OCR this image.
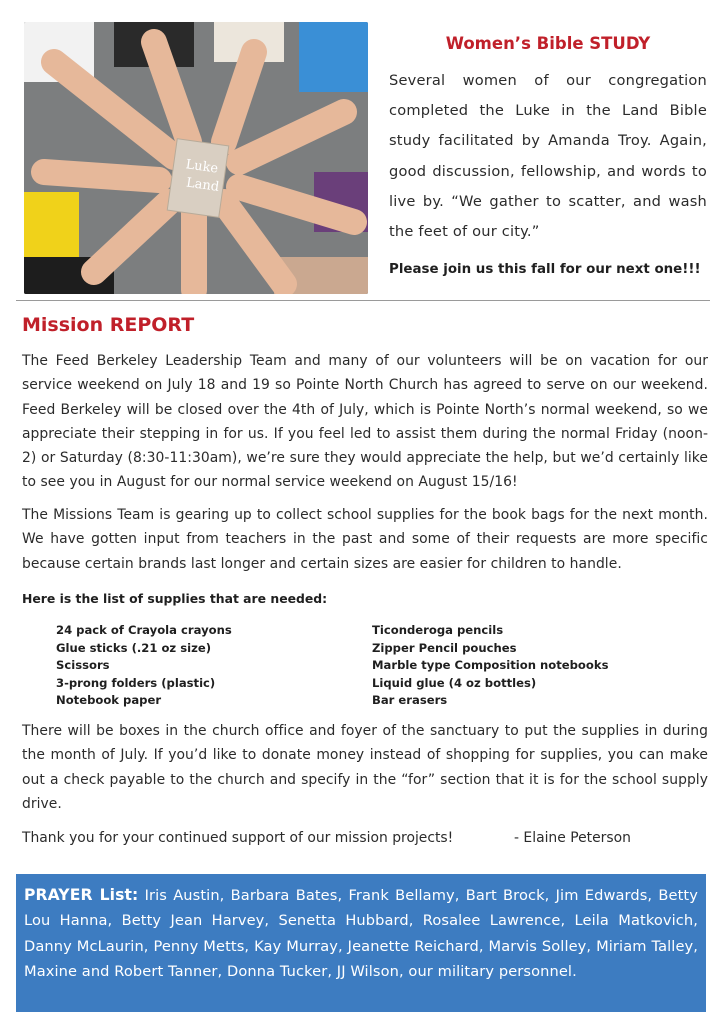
Luke
Land
Women’s Bible STUDY
Several women of our congregation completed the Luke in the Land Bible study facilitated by Amanda Troy. Again, good discussion, fellowship, and words to live by. “We gather to scatter, and wash the feet of our city.”
Please join us this fall for our next one!!!
Mission REPORT
The Feed Berkeley Leadership Team and many of our volunteers will be on vacation for our service weekend on July 18 and 19 so Pointe North Church has agreed to serve on our weekend. Feed Berkeley will be closed over the 4th of July, which is Pointe North’s normal weekend, so we appreciate their stepping in for us. If you feel led to assist them during the normal Friday (noon-2) or Saturday (8:30-11:30am), we’re sure they would appreciate the help, but we’d certainly like to see you in August for our normal service weekend on August 15/16!
The Missions Team is gearing up to collect school supplies for the book bags for the next month. We have gotten input from teachers in the past and some of their requests are more specific because certain brands last longer and certain sizes are easier for children to handle.
Here is the list of supplies that are needed:
24 pack of Crayola crayons
Glue sticks (.21 oz size)
Scissors
3-prong folders (plastic)
Notebook paper
Ticonderoga pencils
Zipper Pencil pouches
Marble type Composition notebooks
Liquid glue (4 oz bottles)
Bar erasers
There will be boxes in the church office and foyer of the sanctuary to put the supplies in during the month of July. If you’d like to donate money instead of shopping for supplies, you can make out a check payable to the church and specify in the “for” section that it is for the school supply drive.
Thank you for your continued support of our mission projects!	- Elaine Peterson
PRAYER List: Iris Austin, Barbara Bates, Frank Bellamy, Bart Brock, Jim Edwards, Betty Lou Hanna, Betty Jean Harvey, Senetta Hubbard, Rosalee Lawrence, Leila Matkovich, Danny McLaurin, Penny Metts, Kay Murray, Jeanette Reichard, Marvis Solley, Miriam Talley, Maxine and Robert Tanner, Donna Tucker, JJ Wilson, our military personnel.
